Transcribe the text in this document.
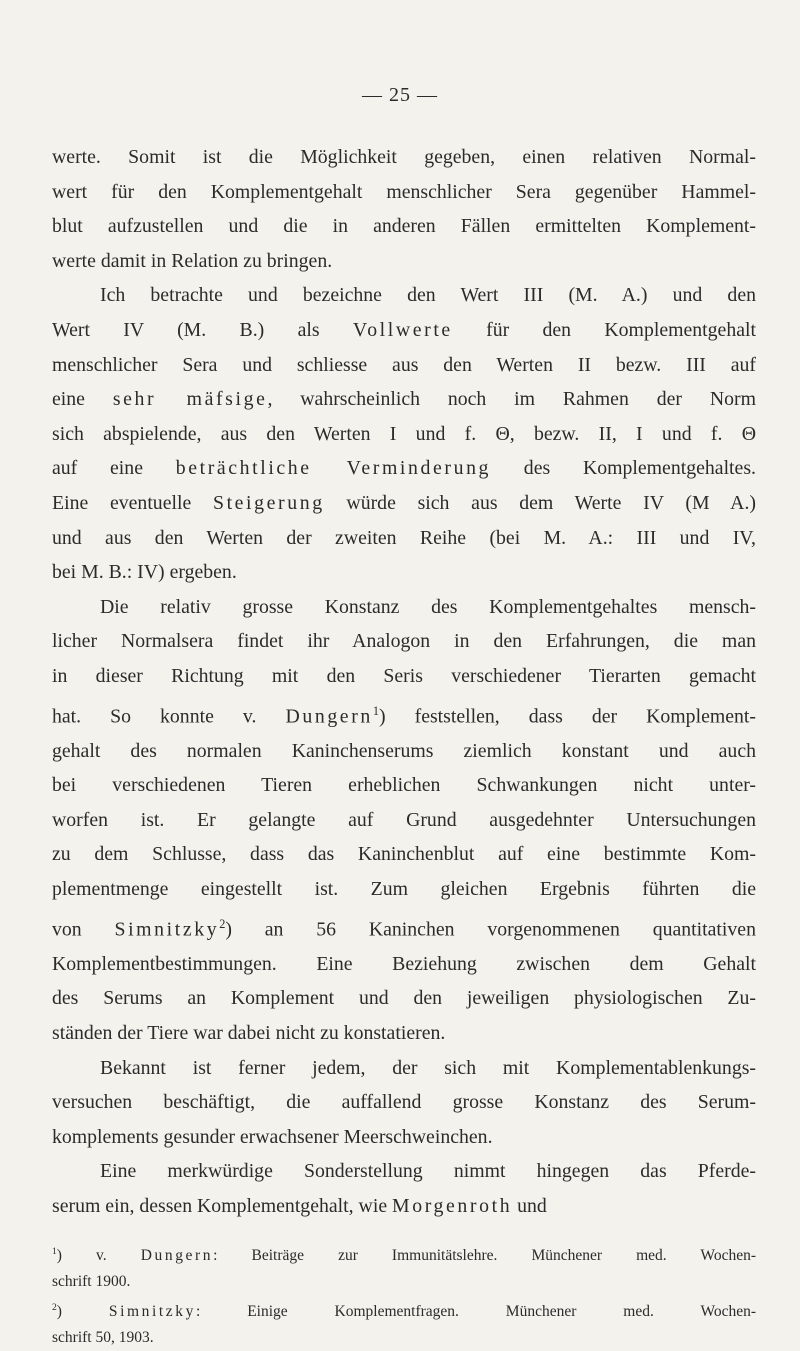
— 25 —
werte. Somit ist die Möglichkeit gegeben, einen relativen Normal-
wert für den Komplementgehalt menschlicher Sera gegenüber Hammel-
blut aufzustellen und die in anderen Fällen ermittelten Komplement-
werte damit in Relation zu bringen.
Ich betrachte und bezeichne den Wert III (M. A.) und den
Wert IV (M. B.) als Vollwerte für den Komplementgehalt
menschlicher Sera und schliesse aus den Werten II bezw. III auf
eine sehr mäfsige, wahrscheinlich noch im Rahmen der Norm
sich abspielende, aus den Werten I und f. Θ, bezw. II, I und f. Θ
auf eine beträchtliche Verminderung des Komplementgehaltes.
Eine eventuelle Steigerung würde sich aus dem Werte IV (M A.)
und aus den Werten der zweiten Reihe (bei M. A.: III und IV,
bei M. B.: IV) ergeben.
Die relativ grosse Konstanz des Komplementgehaltes mensch-
licher Normalsera findet ihr Analogon in den Erfahrungen, die man
in dieser Richtung mit den Seris verschiedener Tierarten gemacht
hat. So konnte v. Dungern$^1$) feststellen, dass der Komplement-
gehalt des normalen Kaninchenserums ziemlich konstant und auch
bei verschiedenen Tieren erheblichen Schwankungen nicht unter-
worfen ist. Er gelangte auf Grund ausgedehnter Untersuchungen
zu dem Schlusse, dass das Kaninchenblut auf eine bestimmte Kom-
plementmenge eingestellt ist. Zum gleichen Ergebnis führten die
von Simnitzky$^2$) an 56 Kaninchen vorgenommenen quantitativen
Komplementbestimmungen. Eine Beziehung zwischen dem Gehalt
des Serums an Komplement und den jeweiligen physiologischen Zu-
ständen der Tiere war dabei nicht zu konstatieren.
Bekannt ist ferner jedem, der sich mit Komplementablenkungs-
versuchen beschäftigt, die auffallend grosse Konstanz des Serum-
komplements gesunder erwachsener Meerschweinchen.
Eine merkwürdige Sonderstellung nimmt hingegen das Pferde-
serum ein, dessen Komplementgehalt, wie Morgenroth und
$^1$) v. Dungern: Beiträge zur Immunitätslehre. Münchener med. Wochen-
schrift 1900.
$^2$) Simnitzky: Einige Komplementfragen. Münchener med. Wochen-
schrift 50, 1903.
